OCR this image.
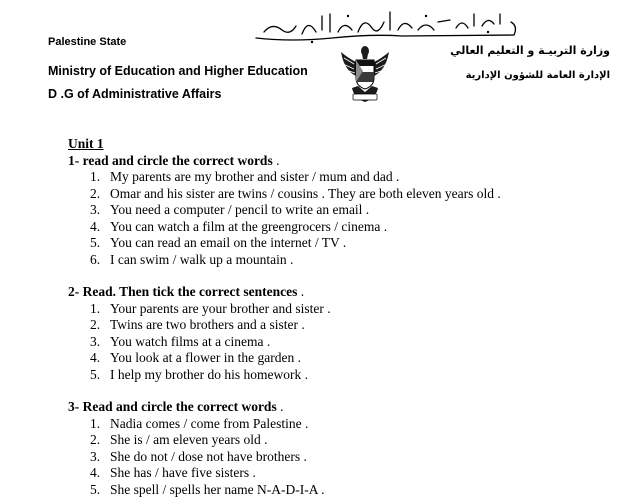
Palestine State

Ministry of Education and Higher Education

D .G of Administrative Affairs

وزارة التربيـة و التعليم العالي

الإدارة العامة للشؤون الإدارية

Unit 1

1- read and circle the correct words .

1. My parents are my brother and sister / mum and dad .
2. Omar and his sister are twins / cousins . They are both eleven years old .
3. You need a computer / pencil to write an email .
4. You can watch a film at the greengrocers / cinema .
5. You can read an email on the internet / TV .
6. I can swim / walk up a mountain .

2- Read. Then tick the correct sentences .

1. Your parents are your brother and sister .
2. Twins are two brothers and a sister .
3. You watch films at a cinema .
4. You look at a flower in the garden .
5. I help my brother do his homework .

3- Read and circle the correct words .

1. Nadia comes / come from Palestine .
2. She is / am eleven years old .
3. She do not / dose not have brothers .
4. She has / have five sisters .
5. She spell / spells her name N-A-D-I-A .
